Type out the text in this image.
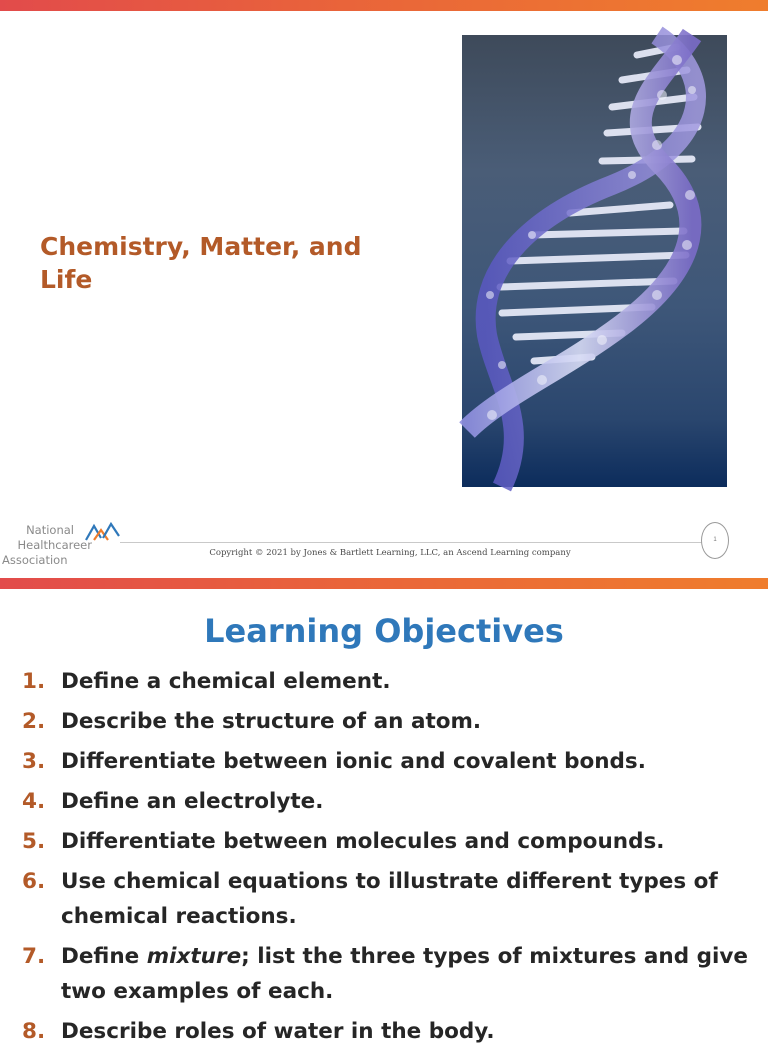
Chemistry, Matter, and Life
National
Healthcareer
Association	Copyright © 2021 by Jones & Bartlett Learning, LLC, an Ascend Learning company
1
Learning Objectives
1. Define a chemical element.
2. Describe the structure of an atom.
3. Differentiate between ionic and covalent bonds.
4. Define an electrolyte.
5. Differentiate between molecules and compounds.
6. Use chemical equations to illustrate different types of chemical reactions.
7. Define mixture; list the three types of mixtures and give two examples of each.
8. Describe roles of water in the body.
